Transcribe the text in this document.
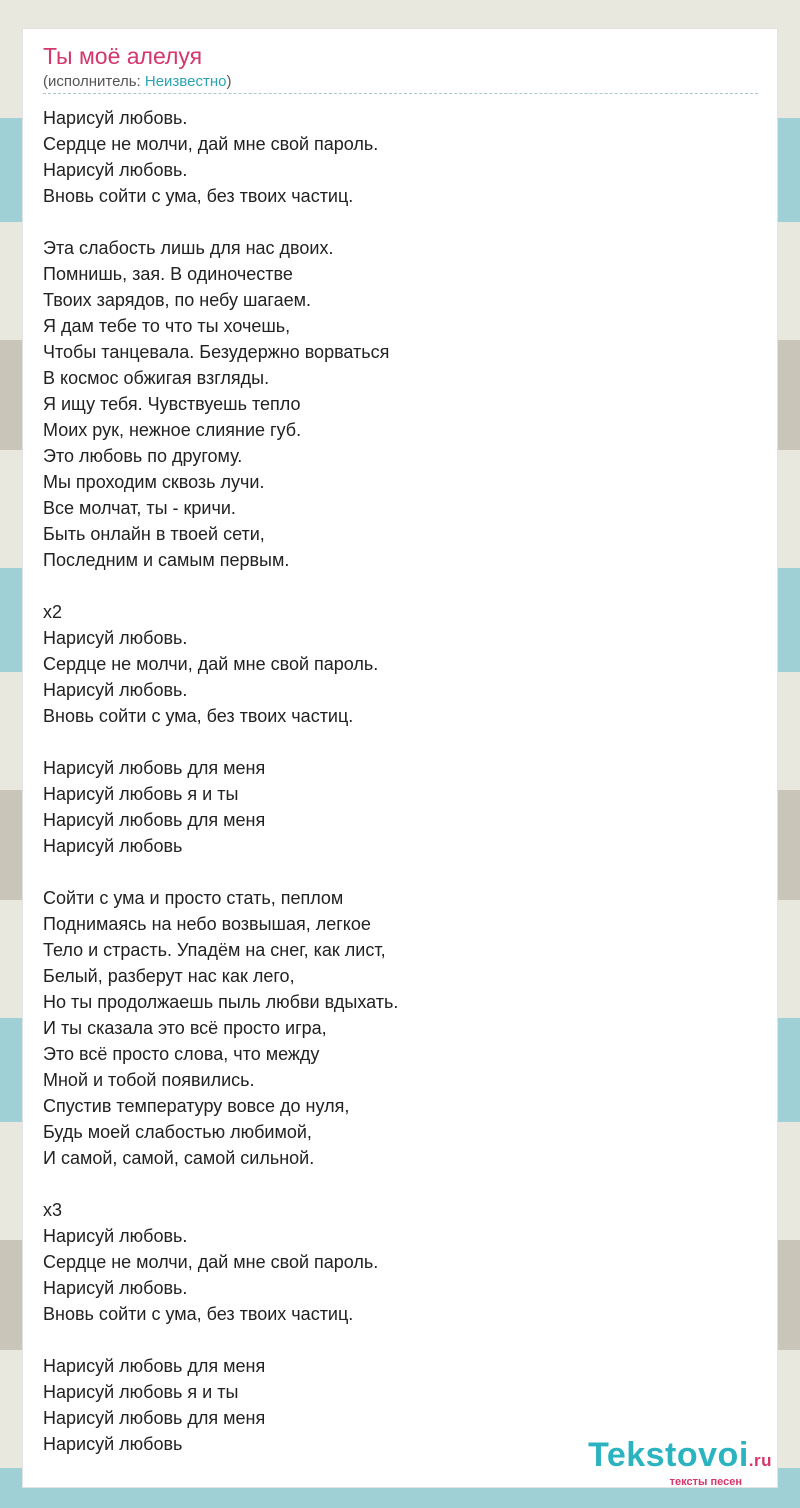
Ты моё алелуя
(исполнитель: Неизвестно)

Нарисуй любовь.
Сердце не молчи, дай мне свой пароль.
Нарисуй любовь.
Вновь сойти с ума, без твоих частиц.

Эта слабость лишь для нас двоих.
Помнишь, зая. В одиночестве
Твоих зарядов, по небу шагаем.
Я дам тебе то что ты хочешь,
Чтобы танцевала. Безудержно ворваться
В космос обжигая взгляды.
Я ищу тебя. Чувствуешь тепло
Моих рук, нежное слияние губ.
Это любовь по другому.
Мы проходим сквозь лучи.
Все молчат, ты - кричи.
Быть онлайн в твоей сети,
Последним и самым первым.

x2
Нарисуй любовь.
Сердце не молчи, дай мне свой пароль.
Нарисуй любовь.
Вновь сойти с ума, без твоих частиц.

Нарисуй любовь для меня
Нарисуй любовь я и ты
Нарисуй любовь для меня
Нарисуй любовь

Сойти с ума и просто стать, пеплом
Поднимаясь на небо возвышая, легкое
Тело и страсть. Упадём на снег, как лист,
Белый, разберут нас как лего,
Но ты продолжаешь пыль любви вдыхать.
И ты сказала это всё просто игра,
Это всё просто слова, что между
Мной и тобой появились.
Спустив температуру вовсе до нуля,
Будь моей слабостью любимой,
И самой, самой, самой сильной.

x3
Нарисуй любовь.
Сердце не молчи, дай мне свой пароль.
Нарисуй любовь.
Вновь сойти с ума, без твоих частиц.

Нарисуй любовь для меня
Нарисуй любовь я и ты
Нарисуй любовь для меня
Нарисуй любовь	Tekstovoi.ru
тексты песен
